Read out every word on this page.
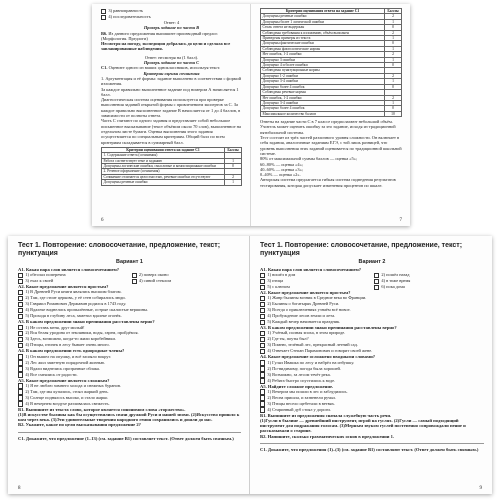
3) равноправность

4) последовательность

Ответ: 4

Проверь задание по части В

В6. Из данного предложения выпишите производный предлог. (Морфология. Предлоги)

Несмотря на погоду, экспедиция добралась до цели и сделала все запланированные наблюдения.

Ответ: несмотря на (1 балл).

Проверь задание по части С

С1. Оцените одного из ваших одноклассников, используя текст.

Критерии оценки сочинения

1. Аргументация и её формы: задание выполнено в соответствии с формой изложения.

За каждое правильно выполненное задание под номером А начисляется 1 балл.

Диагностическая система оценивания используется при проверке выполнения заданий открытой формы с привлечением экспертов за С. За каждое правильно выполненное задание В начисляется от 1 до 4 баллов, в зависимости от полноты ответа.

Часть С считают по одного задания и представляет собой небольшое письменное высказывание (текст объёмом около 70 слов), выполненное на отдельном листе бумаги. Оценка выполнения этого задания осуществляется по специальным критериям. Общий балл по всем критериям складывается в суммарный балл.

Критерии оценивания ответа на задание С1	Баллы
1. Содержание ответа (сочинения)	
Работа соответствует теме и заданию	1
Допущены логические ошибки, смысловые и композиционные ошибки	0
2. Речевое оформление (сочинения)	
Сочинение отличается целостностью, речевые ошибки отсутствуют	2
Допущены речевые ошибки	1
6
Критерии оценивания ответа на задание С1	Баллы
Допущены речевые ошибки	2
Допущены более 1 логической ошибки	1
Стиль ответа не выдержан	0
Соблюдены требования к изложению, объём выполнен	2
Приведены примеры из текста	1
Допущены фактические ошибки	0
Соблюдены фактологические нормы	1
Нет ошибок, 1-2 ошибки	2
Допущено 3 ошибки	1
Допущено 4 и более ошибки	0
Соблюдены пунктуационные нормы	
Допущено 1-2 ошибки	2
Допущено 3-4 ошибки	1
Допущено более 4 ошибок	0
Соблюдены речевые нормы	
Нет ошибок, 1-2 ошибки	2
Допущено 3-4 ошибки	1
Допущено более 4 ошибок	0
Максимальное количество баллов	10

Ответы на задание части С в 7 классе предполагают небольшой объём. Учитель может оценить ошибку за это задание, исходя из традиционной пятибалльной системы.

Тест состоит из трёх частей различного уровня сложности. Он включает в себя задания, аналогичные заданиям ЕГЭ, с той лишь разницей, что уровень выполнения этих заданий оценивается по традиционной школьной системе.

80% от максимальной суммы баллов — оценка «5»;

60–80% — оценка «4»;

40–60% — оценка «3»;

0–40% — оценка «2».

Авторская система предлагается гибкая система подведения результатов тестирования, которая допускает изменения процентов по шкале.

7

Тест 1. Повторение: словосочетание, предложение, текст; пунктуация

Вариант 1

А1. Какая пара слов является словосочетанием?

1) обеспал поперечна	2) поверх оконо
3) ехал к своей	4) синий стеклом

А2. Какое предложение является простым?

1) В Древней Руси книги являлись высшим благом.
2) Там, где стоит церковь, у её стен собирались люди.
3) Гавриил Романович Державин родился в 1743 году.
4) Вдалеке виднелись пропылённые, острые скалистые вершины.
5) Проходя в глубину леса, заметил вдалеке огонёк.

А3. В каком предложении знаки препинания расставлены верно?

1) Не оставь меня, друг милый!
2) Вся белая уродина от земляники, воды, гарем, пройдёмся.
3) Здесь, возможно, когда-то жили коробейники.
4) Птицы, птичек в лесу бывает очень много.

А4. В каком предложении есть однородные члены?

1) Он вышел на опушку, и всё засияло вокруг.
2) Лес жил заметную порядочной жизнью.
3) Вдали виднелись прозрачные облака.
4) Все смеялись от радости.

А5. Какое предложение является сложным?

1) Я не люблю зимнего холода и снежных буранов.
2) Там, где мы купались, стоял жаркий день.
3) Солнце поднялось высоко, и стало жарко.
4) В вечернем воздухе разливалась свежесть.

В1. Выпишите из текста слово, которое является синонимом слова «торжество».

(1)В искусстве былины как бы осуществились связи дружной Руси и нашей эпохи. (2)Искусство пришло к нам через века. (3)Эти удивительные творения народного гения сохранились и дошли до нас.

В2. Укажите, какое по цели высказывания предложение 2?

С1. Докажите, что предложение (1–13) (см. задание В1) составляет текст. (Ответ должен быть связным.)

8

Тест 1. Повторение: словосочетание, предложение, текст; пунктуация

Вариант 2

А1. Какая пара слов является словосочетанием?

1) вошёл в дом	2) пошёл назад
3) птица	4) в тоже время
5) с ключом	6) пока дома

А2. Какое предложение является простым?

1) Жанр былины возник в Средние века во Франции.
2) Былины о богатырях Древней Руси.
3) Всегда о приключениях узнаём всё новое.
4) Пробуждение лесов земли и лета.
5) Каждый вечер начинается праздник.

А3. В каком предложении знаки препинания расставлены верно?

1) Учёный, полная эпоха, в этом природе.
2) Где ты, поуты был?
3) Помню, зелёный лес, прекрасный летний сад.
4) Отвечает Степан Парамонович и говорит своей жене.

А4. Какое предложение осложнено вводными словами?

1) Гулял Ивашка по лесу и набрёл на избушку.
2) По-видимому, погода была хорошей.
3) Возможно, за лесом течёт река.
4) Ребята быстро спустились к воде.

А5. Найдите сложное предложение.

1) Вечером мы пошли в лес и заблудились.
2) Весна пришла, и зазвенели ручьи.
3) Птицы весело щебетали в ветвях.
4) Старинный дуб стоял у дороги.

В1. Выпишите из предложения сначала служебную часть речи.

(1)Гусли в былине — древнейший инструмент, игрой на гуслях. (2)Гусли — самый подходящий инструмент для подражания голосам. (3)Мерным звуком гуслей постепенно сопровождали пение и рассказывали о старине.

В2. Напишите, сколько грамматических основ в предложении 1.

С1. Докажите, что предложения (1)–(3) (см. задание В1) составляют текст. (Ответ должен быть связным.)

9
